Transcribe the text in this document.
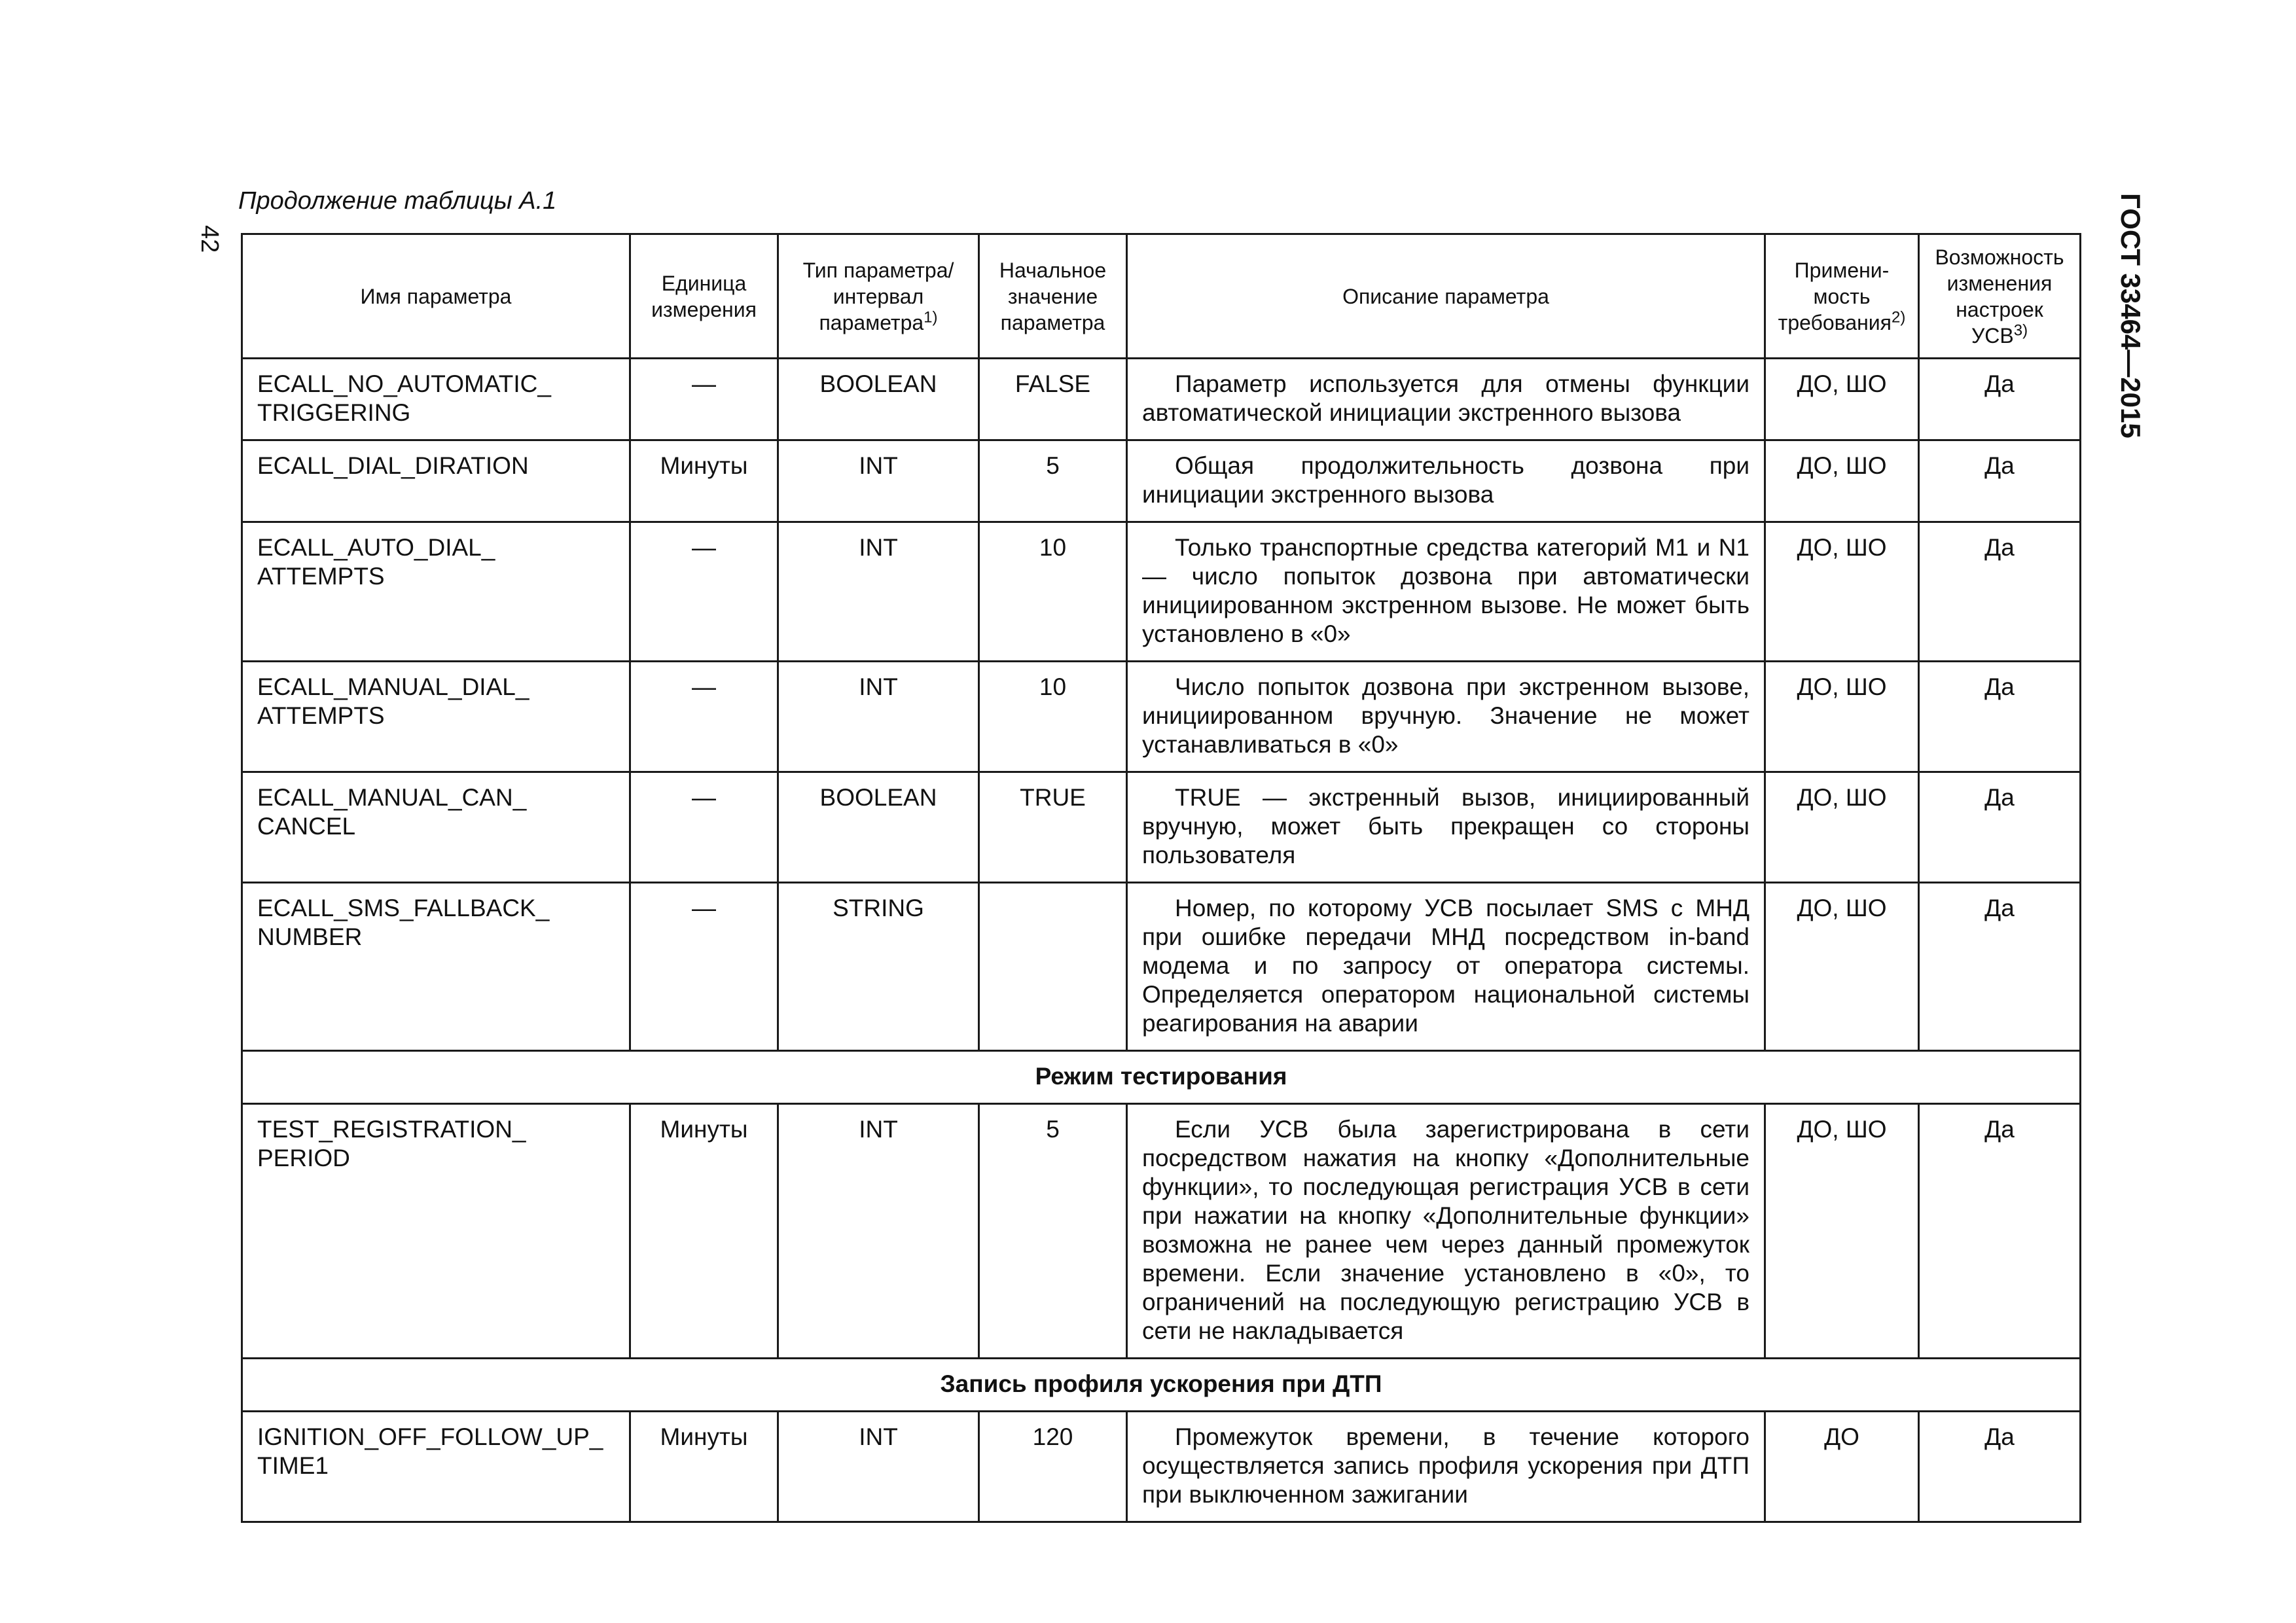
42
Продолжение таблицы А.1	ГОСТ 33464—2015
Имя параметра	Единица измерения	Тип параметра/ интервал параметра$^{1)}$	Начальное значение параметра	Описание параметра	Примени-мость требования$^{2)}$	Возможность изменения настроек УСВ$^{3)}$
ECALL_NO_AUTOMATIC_ TRIGGERING	—	BOOLEAN	FALSE	Параметр используется для отмены функции автоматической инициации экстренного вызова	ДО, ШО	Да
ECALL_DIAL_DIRATION	Минуты	INT	5	Общая продолжительность дозвона при инициации экстренного вызова	ДО, ШО	Да
ECALL_AUTO_DIAL_ ATTEMPTS	—	INT	10	Только транспортные средства категорий М1 и N1 — число попыток дозвона при автоматически инициированном экстренном вызове. Не может быть установлено в «0»	ДО, ШО	Да
ECALL_MANUAL_DIAL_ ATTEMPTS	—	INT	10	Число попыток дозвона при экстренном вызове, инициированном вручную. Значение не может устанавливаться в «0»	ДО, ШО	Да
ECALL_MANUAL_CAN_ CANCEL	—	BOOLEAN	TRUE	TRUE — экстренный вызов, инициированный вручную, может быть прекращен со стороны пользователя	ДО, ШО	Да
ECALL_SMS_FALLBACK_ NUMBER	—	STRING		Номер, по которому УСВ посылает SMS с МНД при ошибке передачи МНД посредством in-band модема и по запросу от оператора системы. Определяется оператором национальной системы реагирования на аварии	ДО, ШО	Да
Режим тестирования						
TEST_REGISTRATION_ PERIOD	Минуты	INT	5	Если УСВ была зарегистрирована в сети посредством нажатия на кнопку «Дополнительные функции», то последующая регистрация УСВ в сети при нажатии на кнопку «Дополнительные функции» возможна не ранее чем через данный промежуток времени. Если значение установлено в «0», то ограничений на последующую регистрацию УСВ в сети не накладывается	ДО, ШО	Да
Запись профиля ускорения при ДТП						
IGNITION_OFF_FOLLOW_UP_ TIME1	Минуты	INT	120	Промежуток времени, в течение которого осуществляется запись профиля ускорения при ДТП при выключенном зажигании	ДО	Да
